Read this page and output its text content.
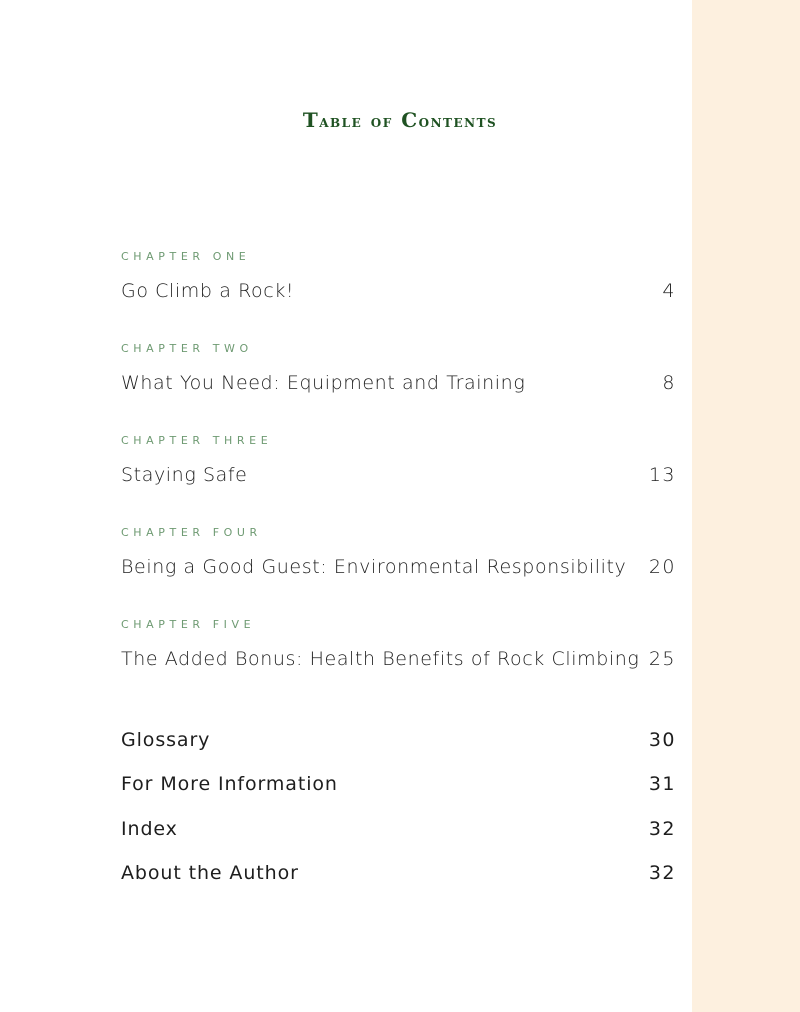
Table of Contents
CHAPTER ONE
Go Climb a Rock!	4
CHAPTER TWO
What You Need: Equipment and Training	8
CHAPTER THREE
Staying Safe	13
CHAPTER FOUR
Being a Good Guest: Environmental Responsibility 20
CHAPTER FIVE
The Added Bonus: Health Benefits of Rock Climbing 25
Glossary	30
For More Information	31
Index	32
About the Author	32
